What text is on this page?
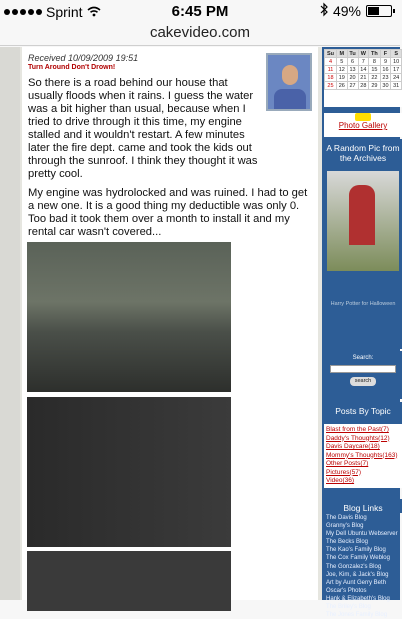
Sprint	6:45 PM	49%
cakevideo.com
Received 10/09/2009 19:51
Turn Around Don't Drown!

So there is a road behind our house that usually floods when it rains. I guess the water was a bit higher than usual, because when I tried to drive through it this time, my engine stalled and it wouldn't restart. A few minutes later the fire dept. came and took the kids out through the sunroof. I think they thought it was pretty cool.

My engine was hydrolocked and was ruined. I had to get a new one. It is a good thing my deductible was only 0. Too bad it took them over a month to install it and my rental car wasn't covered...

Su	M	Tu	W	Th	F	S
4	5	6	7	8	9	10
11	12	13	14	15	16	17
18	19	20	21	22	23	24
25	26	27	28	29	30	31
Photo Gallery
A Random Pic from the Archives
Harry Potter for Halloween
Search:
search
Posts By Topic
Blast from the Past(7)
Daddy's Thoughts(12)
Davis Daycare(18)
Mommy's Thoughts(163)
Other Posts(7)
Pictures(57)
Video(36)
Blog Links
The Davis Blog
Granny's Blog
My Dell Ubuntu Webserver
The Becks Blog
The Kao's Family Blog
The Cox Family Weblog
The Gonzalez's Blog
Joe, Kim, & Jack's Blog
Art by Aunt Gerry Beth
Oscar's Photos
Hank & Elizabeth's Blog
The Briley's Blog
The Jones Family Blog
